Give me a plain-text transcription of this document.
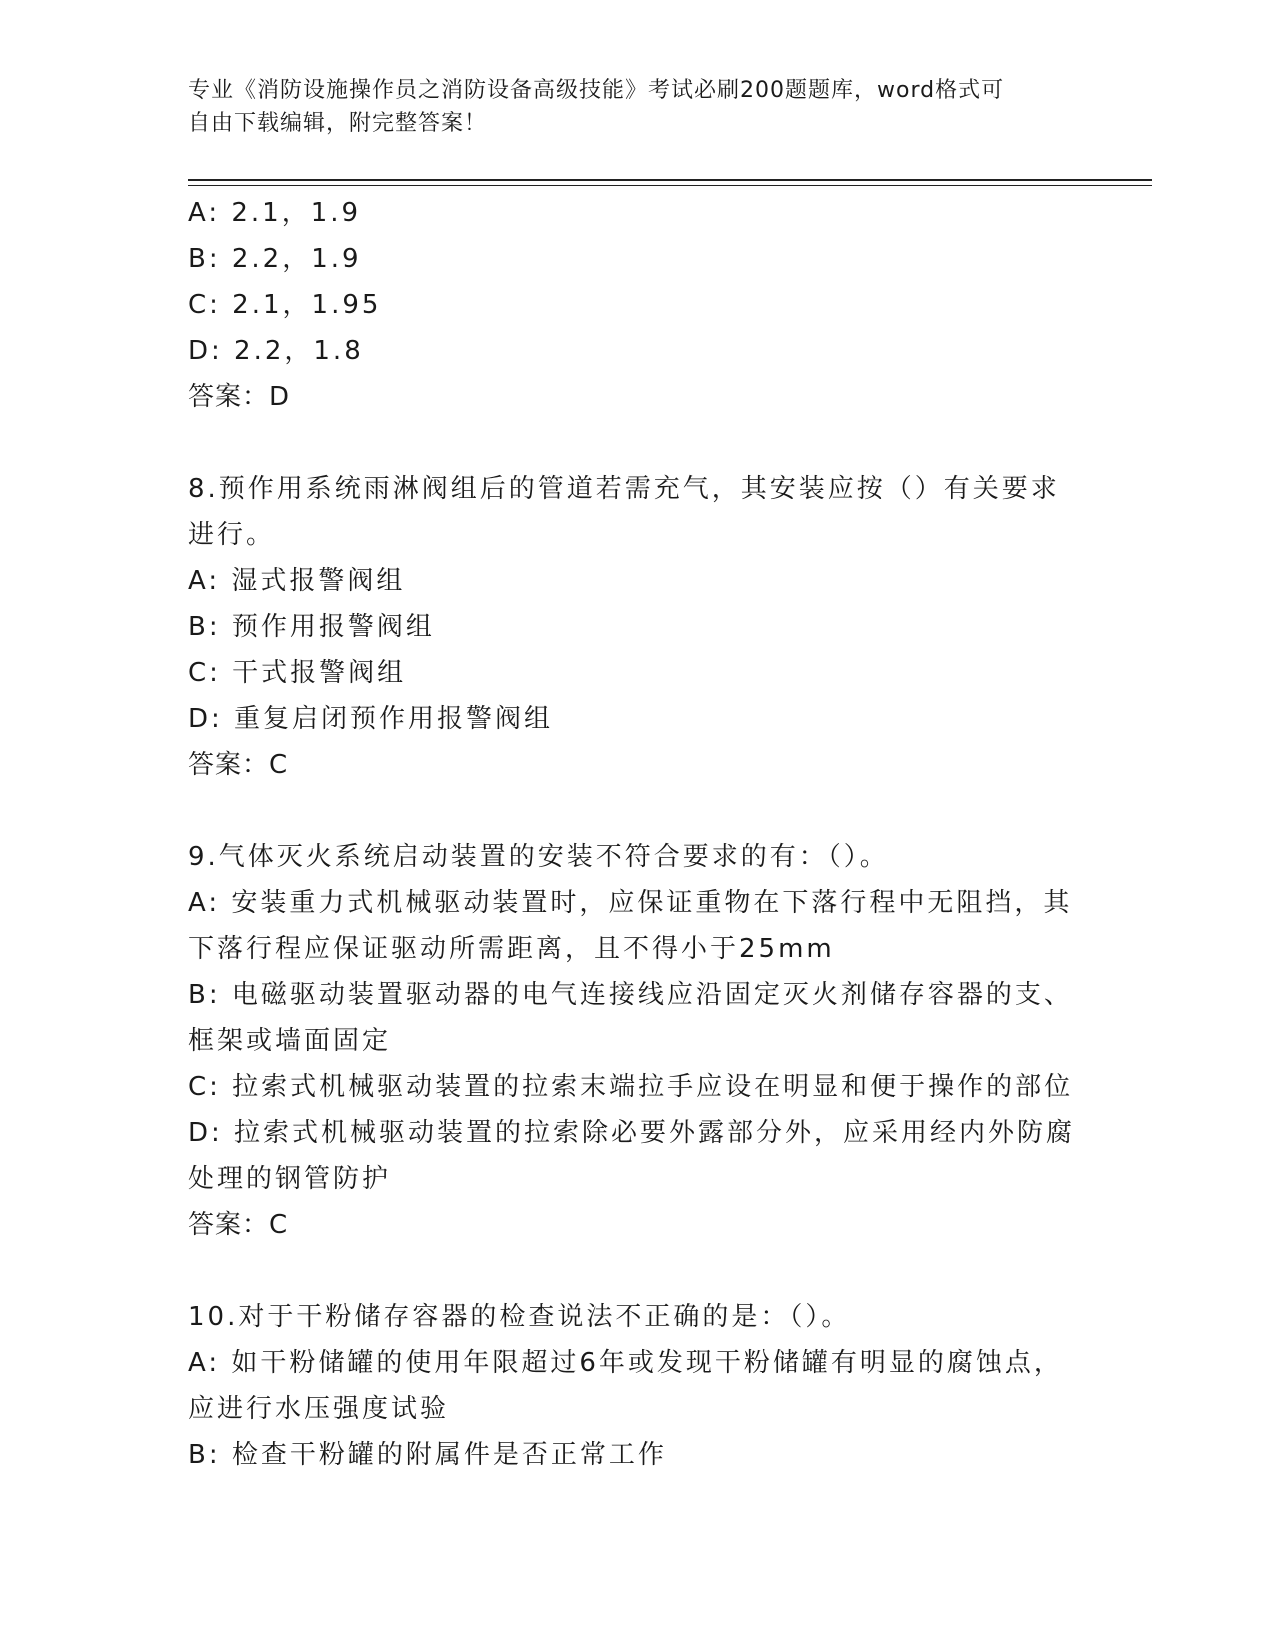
专业《消防设施操作员之消防设备高级技能》考试必刷200题题库，word格式可
自由下载编辑，附完整答案！
A: 2.1，1.9
B: 2.2，1.9
C: 2.1，1.95
D: 2.2，1.8
答案：D
8.预作用系统雨淋阀组后的管道若需充气，其安装应按（）有关要求
进行。
A: 湿式报警阀组
B: 预作用报警阀组
C: 干式报警阀组
D: 重复启闭预作用报警阀组
答案：C
9.气体灭火系统启动装置的安装不符合要求的有：（）。
A: 安装重力式机械驱动装置时，应保证重物在下落行程中无阻挡，其
下落行程应保证驱动所需距离，且不得小于25mm
B: 电磁驱动装置驱动器的电气连接线应沿固定灭火剂储存容器的支、
框架或墙面固定
C: 拉索式机械驱动装置的拉索末端拉手应设在明显和便于操作的部位
D: 拉索式机械驱动装置的拉索除必要外露部分外，应采用经内外防腐
处理的钢管防护
答案：C
10.对于干粉储存容器的检查说法不正确的是：（）。
A: 如干粉储罐的使用年限超过6年或发现干粉储罐有明显的腐蚀点，
应进行水压强度试验
B: 检查干粉罐的附属件是否正常工作
